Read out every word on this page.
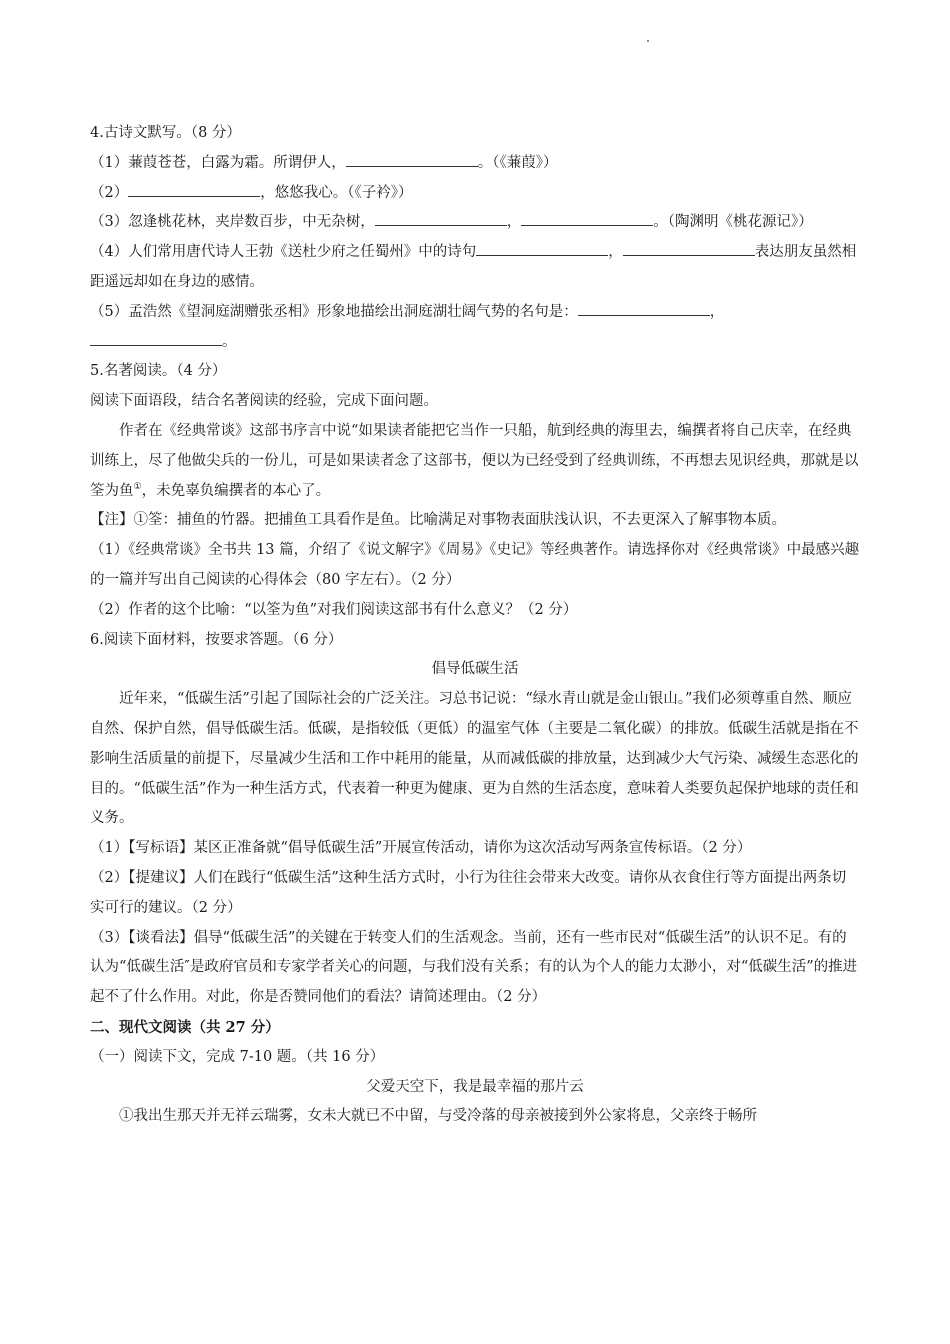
4.古诗文默写。（8 分）

（1）蒹葭苍苍，白露为霜。所谓伊人，	。（《蒹葭》）

（2）	，悠悠我心。（《子衿》）

（3）忽逢桃花林，夹岸数百步，中无杂树，	，	。（陶渊明《桃花源记》）

（4）人们常用唐代诗人王勃《送杜少府之任蜀州》中的诗句	，	表达朋友虽然相距遥远却如在身边的感情。

（5）孟浩然《望洞庭湖赠张丞相》形象地描绘出洞庭湖壮阔气势的名句是：	，
。

5.名著阅读。（4 分）

阅读下面语段，结合名著阅读的经验，完成下面问题。

作者在《经典常谈》这部书序言中说“如果读者能把它当作一只船，航到经典的海里去，编撰者将自己庆幸，在经典训练上，尽了他做尖兵的一份儿，可是如果读者念了这部书，便以为已经受到了经典训练，不再想去见识经典，那就是以筌为鱼①，未免辜负编撰者的本心了。

【注】①筌：捕鱼的竹器。把捕鱼工具看作是鱼。比喻满足对事物表面肤浅认识，不去更深入了解事物本质。

（1）《经典常谈》全书共 13 篇，介绍了《说文解字》《周易》《史记》等经典著作。请选择你对《经典常谈》中最感兴趣的一篇并写出自己阅读的心得体会（80 字左右）。（2 分）

（2）作者的这个比喻：“以筌为鱼”对我们阅读这部书有什么意义？（2 分）

6.阅读下面材料，按要求答题。（6 分）

倡导低碳生活

近年来，“低碳生活”引起了国际社会的广泛关注。习总书记说：“绿水青山就是金山银山。”我们必须尊重自然、顺应自然、保护自然，倡导低碳生活。低碳，是指较低（更低）的温室气体（主要是二氧化碳）的排放。低碳生活就是指在不影响生活质量的前提下，尽量减少生活和工作中耗用的能量，从而减低碳的排放量，达到减少大气污染、减缓生态恶化的目的。“低碳生活”作为一种生活方式，代表着一种更为健康、更为自然的生活态度，意味着人类要负起保护地球的责任和义务。

（1）【写标语】某区正准备就“倡导低碳生活”开展宣传活动，请你为这次活动写两条宣传标语。（2 分）

（2）【提建议】人们在践行“低碳生活”这种生活方式时，小行为往往会带来大改变。请你从衣食住行等方面提出两条切实可行的建议。（2 分）

（3）【谈看法】倡导“低碳生活”的关键在于转变人们的生活观念。当前，还有一些市民对“低碳生活”的认识不足。有的认为“低碳生活″是政府官员和专家学者关心的问题，与我们没有关系；有的认为个人的能力太渺小，对“低碳生活”的推进起不了什么作用。对此，你是否赞同他们的看法？请简述理由。（2 分）

二、现代文阅读（共 27 分）

（一）阅读下文，完成 7-10 题。（共 16 分）

父爱天空下，我是最幸福的那片云

①我出生那天并无祥云瑞雾，女未大就已不中留，与受冷落的母亲被接到外公家将息，父亲终于畅所
